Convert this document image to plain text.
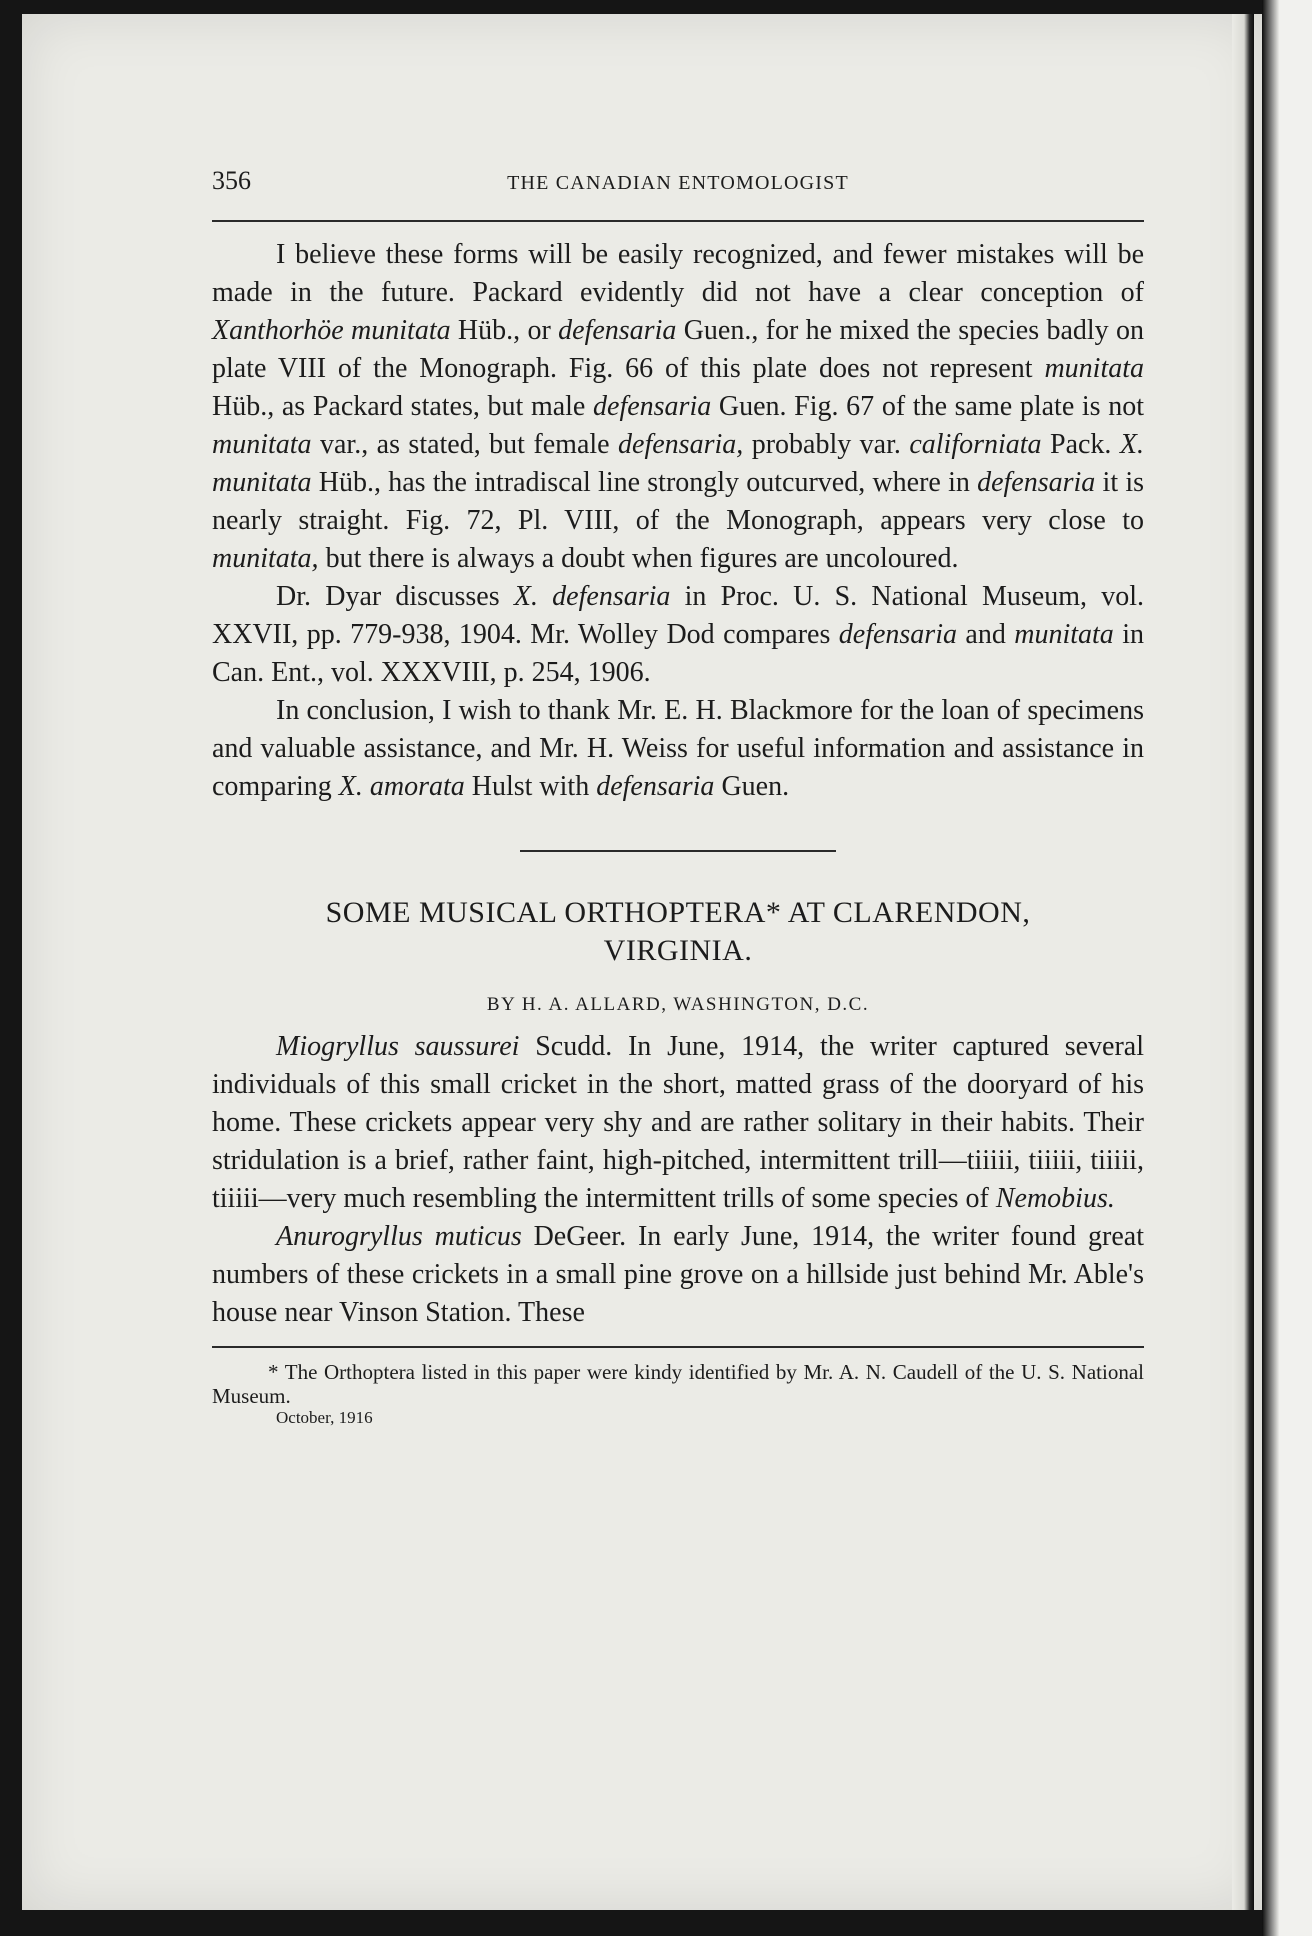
356	THE CANADIAN ENTOMOLOGIST

I believe these forms will be easily recognized, and fewer mistakes will be made in the future. Packard evidently did not have a clear conception of Xanthorhöe munitata Hüb., or defensaria Guen., for he mixed the species badly on plate VIII of the Monograph. Fig. 66 of this plate does not represent munitata Hüb., as Packard states, but male defensaria Guen. Fig. 67 of the same plate is not munitata var., as stated, but female defensaria, probably var. californiata Pack. X. munitata Hüb., has the intradiscal line strongly outcurved, where in defensaria it is nearly straight. Fig. 72, Pl. VIII, of the Monograph, appears very close to munitata, but there is always a doubt when figures are uncoloured.

Dr. Dyar discusses X. defensaria in Proc. U. S. National Museum, vol. XXVII, pp. 779-938, 1904. Mr. Wolley Dod compares defensaria and munitata in Can. Ent., vol. XXXVIII, p. 254, 1906.

In conclusion, I wish to thank Mr. E. H. Blackmore for the loan of specimens and valuable assistance, and Mr. H. Weiss for useful information and assistance in comparing X. amorata Hulst with defensaria Guen.

SOME MUSICAL ORTHOPTERA* AT CLARENDON,
VIRGINIA.
BY H. A. ALLARD, WASHINGTON, D.C.

Miogryllus saussurei Scudd. In June, 1914, the writer captured several individuals of this small cricket in the short, matted grass of the dooryard of his home. These crickets appear very shy and are rather solitary in their habits. Their stridulation is a brief, rather faint, high-pitched, intermittent trill—tiiiii, tiiiii, tiiiii, tiiiii—very much resembling the intermittent trills of some species of Nemobius.

Anurogryllus muticus DeGeer. In early June, 1914, the writer found great numbers of these crickets in a small pine grove on a hillside just behind Mr. Able's house near Vinson Station. These

* The Orthoptera listed in this paper were kindy identified by Mr. A. N. Caudell of the U. S. National Museum.

October, 1916
